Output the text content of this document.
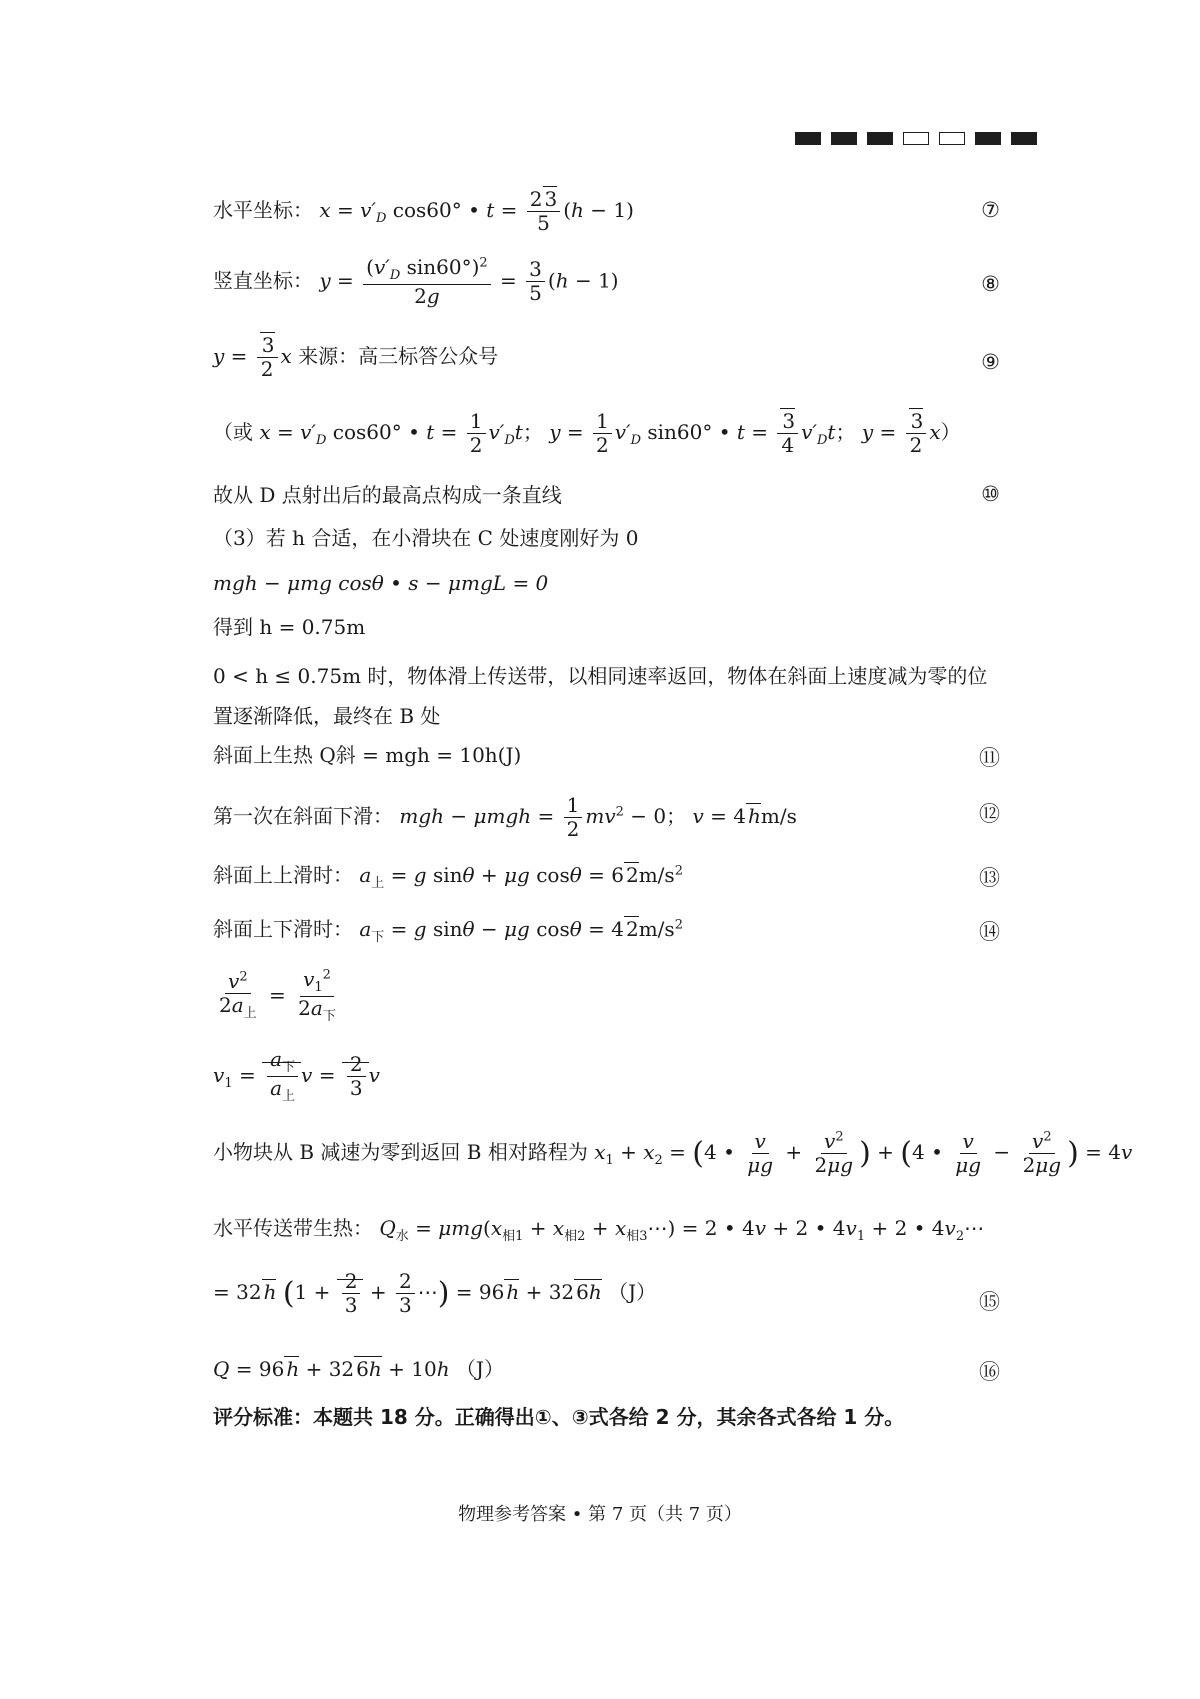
水平坐标： $x = v'_D$ cos60° • $t = \frac{2 3}{5} (h - 1)$	⑦
竖直坐标： $y = \frac{(v'_D \sin 60^\circ)^2}{2g} = \frac{3}{5} (h - 1)$	⑧
$y = \frac{3}{2}$ x 来源：高三标答公众号	⑨
（或 $x = v'_D$ cos60° • $t = \frac{1}{2} v'_Dt$； $y = \frac{1}{2} v'_D$ sin60° • $t = \frac{3}{4} v'_Dt$； $y = \frac{3}{2} x$）
故从 D 点射出后的最高点构成一条直线	⑩
（3）若 h 合适，在小滑块在 C 处速度刚好为 0
mgh − μmg cosθ • s − μmgL = 0
得到 h = 0.75m
0 < h ≤ 0.75m 时，物体滑上传送带，以相同速率返回，物体在斜面上速度减为零的位置逐渐降低，最终在 B 处
斜面上生热 Q斜 = mgh = 10h(J)	⑪
第一次在斜面下滑： mgh − $\mu mgh = \frac{1}{2} mv^2 - 0$； v = 4 hm/s	⑫
斜面上上滑时： $a_上 = g$ sinθ + μg cosθ = 6 $2m/s^2$	⑬
斜面上下滑时： $a_下 = g$ sinθ − μg cosθ = 4 $2m/s^2$	⑭
$\frac{v^2}{2a_上} = \frac{v_1^2}{2a_下}$
$v_1 = \frac{a_下}{a_上}$ $v = \frac{2}{3}$ v
小物块从 B 减速为零到返回 B 相对路程为 $x_1 + x_2 = (4$ • $\frac{v}{\mu g} + \frac{v^2}{2\mu g}$ ) + (4 • $\frac{v}{\mu g} - \frac{v^2}{2\mu g}$ ) = 4v
水平传送带生热： $Q_水 = \mu mg(x_{相1} + x_{相2}$ + $x_{相3}\cdots) = 2$ • 4v + 2 • $4v_1 + 2$ • $4v_2\cdots$
= 32 h ($1 + \frac{2}{3} + \frac{2}{3}$ ⋯) = 96 h + 32 6h （J）	⑮
Q = 96 h + 32 6h + 10h （J）	⑯
评分标准：本题共 18 分。正确得出①、③式各给 2 分，其余各式各给 1 分。
物理参考答案 • 第 7 页（共 7 页）
